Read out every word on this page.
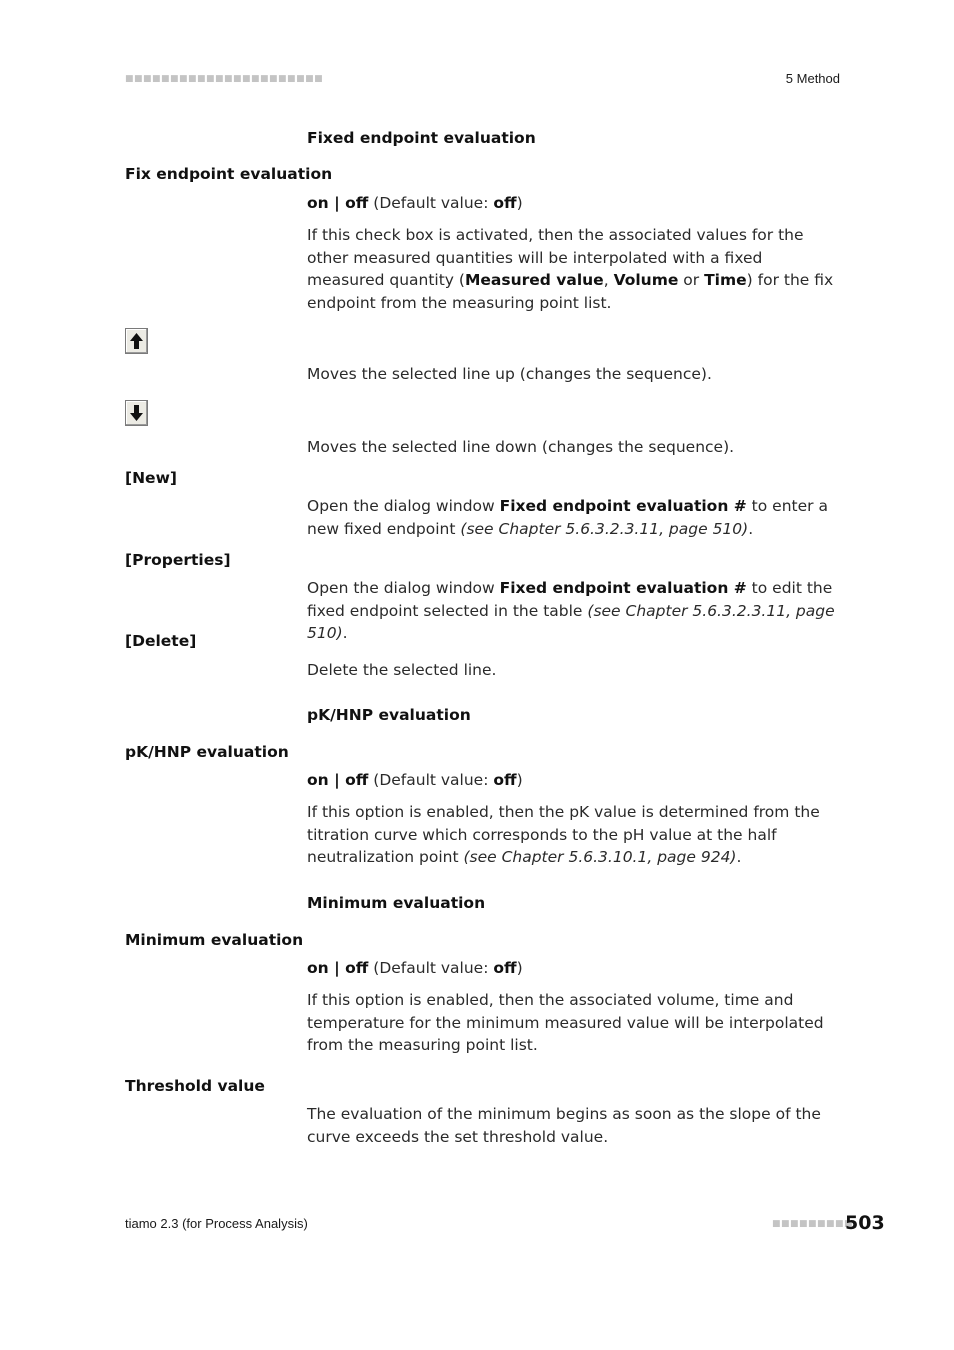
■■■■■■■■■■■■■■■■■■■■■■	5 Method
Fixed endpoint evaluation
Fix endpoint evaluation
on | off (Default value: off)
If this check box is activated, then the associated values for the other measured quantities will be interpolated with a fixed measured quantity (Measured value, Volume or Time) for the fix endpoint from the measuring point list.
Moves the selected line up (changes the sequence).
Moves the selected line down (changes the sequence).
[New]
Open the dialog window Fixed endpoint evaluation # to enter a new fixed endpoint (see Chapter 5.6.3.2.3.11, page 510).
[Properties]
Open the dialog window Fixed endpoint evaluation # to edit the fixed endpoint selected in the table (see Chapter 5.6.3.2.3.11, page 510).
[Delete]
Delete the selected line.
pK/HNP evaluation
pK/HNP evaluation
on | off (Default value: off)
If this option is enabled, then the pK value is determined from the titration curve which corresponds to the pH value at the half neutralization point (see Chapter 5.6.3.10.1, page 924).
Minimum evaluation
Minimum evaluation
on | off (Default value: off)
If this option is enabled, then the associated volume, time and temperature for the minimum measured value will be interpolated from the measuring point list.
Threshold value
The evaluation of the minimum begins as soon as the slope of the curve exceeds the set threshold value.
tiamo 2.3 (for Process Analysis)	■■■■■■■■■
503
